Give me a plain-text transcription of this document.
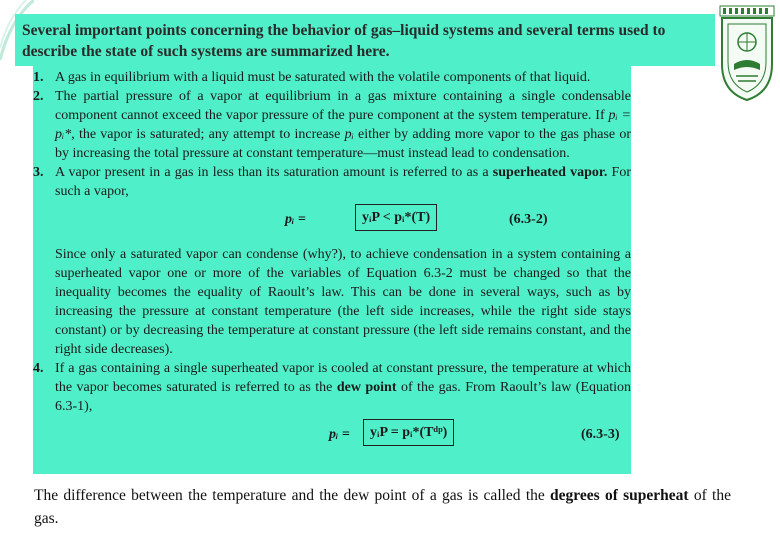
Several important points concerning the behavior of gas–liquid systems and several terms used to describe the state of such systems are summarized here.
1. A gas in equilibrium with a liquid must be saturated with the volatile components of that liquid.
2. The partial pressure of a vapor at equilibrium in a gas mixture containing a single condensable component cannot exceed the vapor pressure of the pure component at the system temperature. If pᵢ = pᵢ*, the vapor is saturated; any attempt to increase pᵢ either by adding more vapor to the gas phase or by increasing the total pressure at constant temperature—must instead lead to condensation.
3. A vapor present in a gas in less than its saturation amount is referred to as a superheated vapor. For such a vapor,
pᵢ =	yᵢP < pᵢ*(T)	(6.3-2)
Since only a saturated vapor can condense (why?), to achieve condensation in a system containing a superheated vapor one or more of the variables of Equation 6.3-2 must be changed so that the inequality becomes the equality of Raoult’s law. This can be done in several ways, such as by increasing the pressure at constant temperature (the left side increases, while the right side stays constant) or by decreasing the temperature at constant pressure (the left side remains constant, and the right side decreases).
4. If a gas containing a single superheated vapor is cooled at constant pressure, the temperature at which the vapor becomes saturated is referred to as the dew point of the gas. From Raoult’s law (Equation 6.3-1),
pᵢ =	yᵢP = pᵢ*(Tᵈᵖ)	(6.3-3)
The difference between the temperature and the dew point of a gas is called the degrees of superheat of the gas.
